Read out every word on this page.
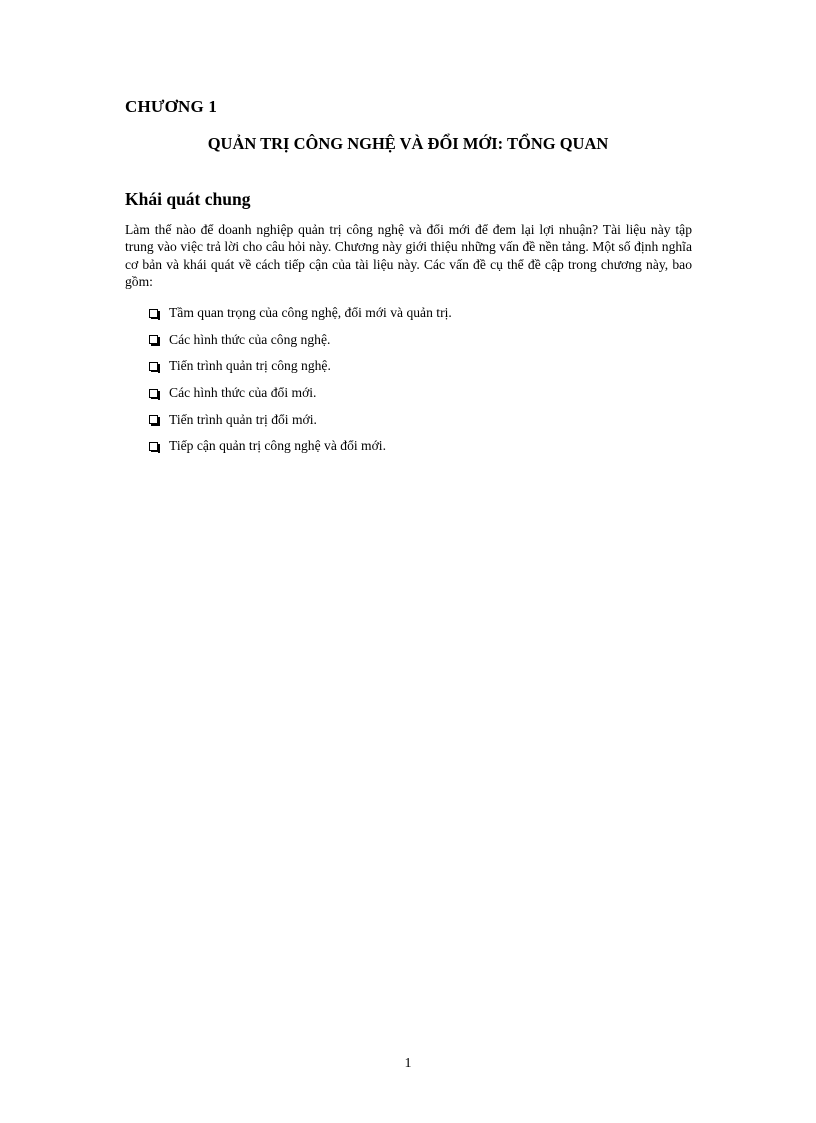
CHƯƠNG 1

QUẢN TRỊ CÔNG NGHỆ VÀ ĐỔI MỚI: TỔNG QUAN

Khái quát chung

Làm thế nào để doanh nghiệp quản trị công nghệ và đổi mới để đem lại lợi nhuận? Tài liệu này tập trung vào việc trả lời cho câu hỏi này. Chương này giới thiệu những vấn đề nền tảng. Một số định nghĩa cơ bản và khái quát về cách tiếp cận của tài liệu này. Các vấn đề cụ thể đề cập trong chương này, bao gồm:

Tầm quan trọng của công nghệ, đổi mới và quản trị.
Các hình thức của công nghệ.
Tiến trình quản trị công nghệ.
Các hình thức của đổi mới.
Tiến trình quản trị đổi mới.
Tiếp cận quản trị công nghệ và đổi mới.

1
